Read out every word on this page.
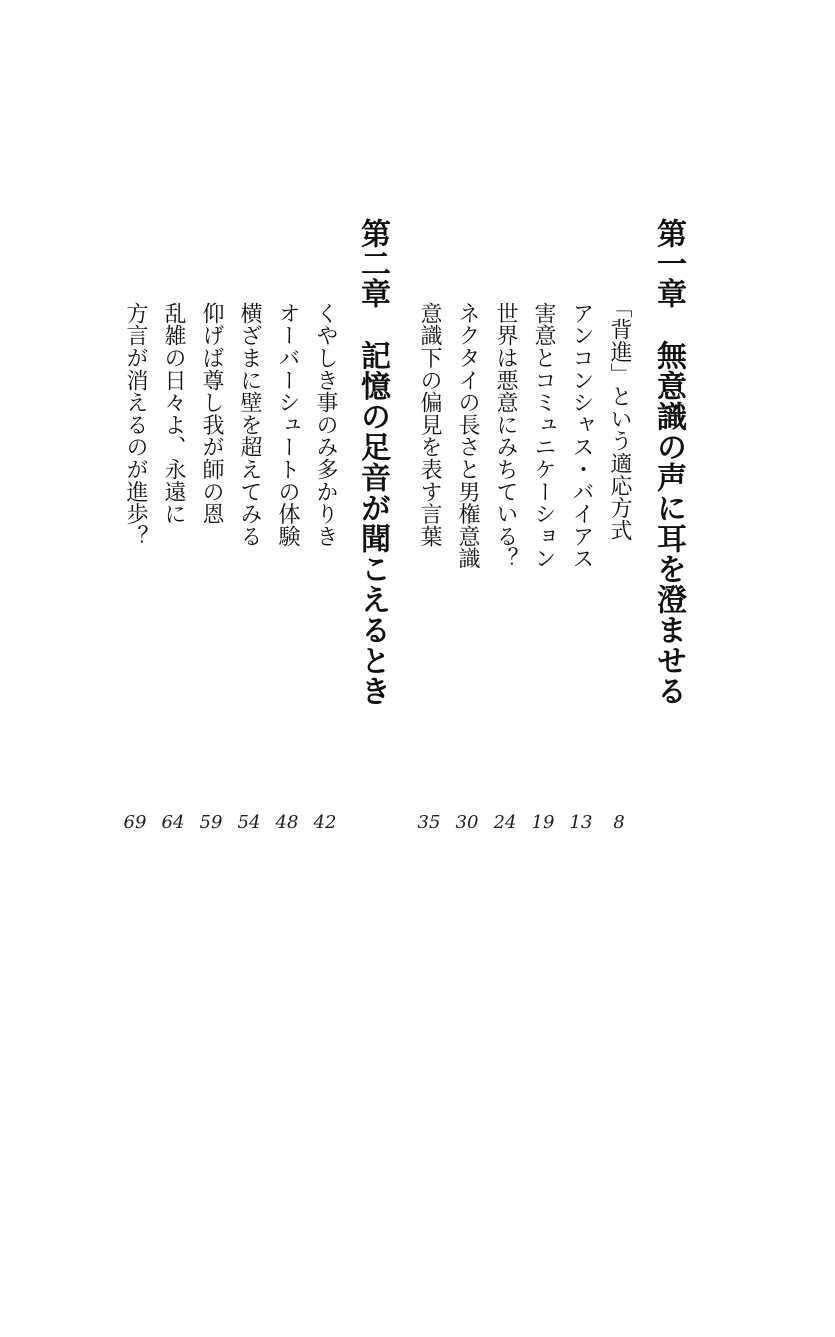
第一章
無意識の声に耳を澄ませる
「背進」という適応方式
アンコンシャス・バイアス
害意とコミュニケーション
世界は悪意にみちている？
ネクタイの長さと男権意識
意識下の偏見を表す言葉
8
13
19
24
30
35
第二章
記憶の足音が聞こえるとき
くやしき事のみ多かりき
オーバーシュートの体験
横ざまに壁を超えてみる
仰げば尊し我が師の恩
乱雑の日々よ、永遠に
方言が消えるのが進歩？
42
48
54
59
64
69
